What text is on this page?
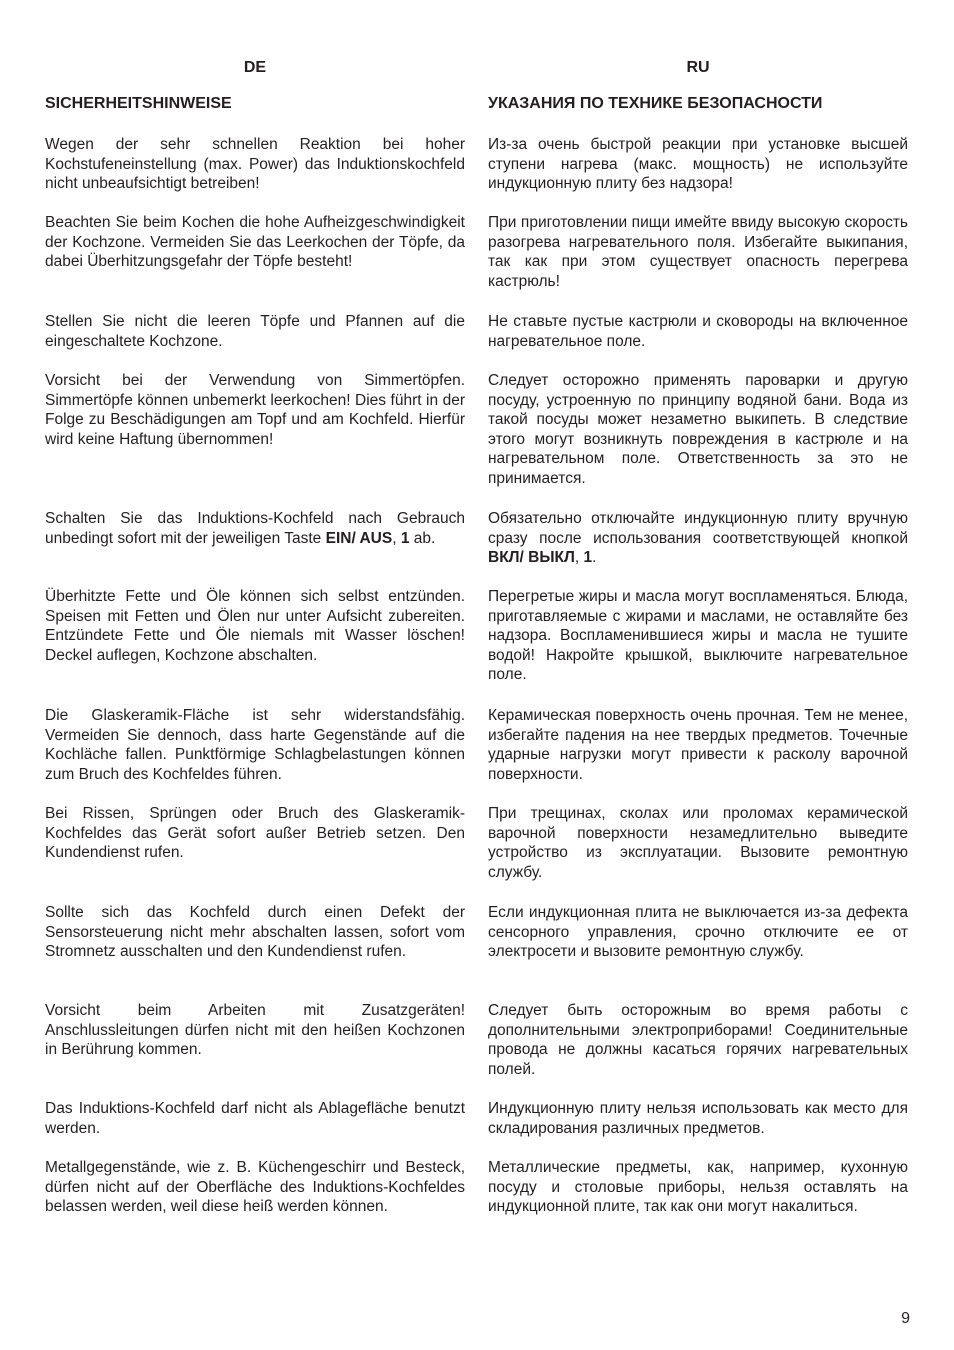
DE
SICHERHEITSHINWEISE

Wegen der sehr schnellen Reaktion bei hoher Kochstufeneinstellung (max. Power) das Induktionskochfeld nicht unbeaufsichtigt betreiben!

Beachten Sie beim Kochen die hohe Aufheizgeschwindigkeit der Kochzone. Vermeiden Sie das Leerkochen der Töpfe, da dabei Überhitzungsgefahr der Töpfe besteht!

Stellen Sie nicht die leeren Töpfe und Pfannen auf die eingeschaltete Kochzone.

Vorsicht bei der Verwendung von Simmertöpfen. Simmertöpfe können unbemerkt leerkochen! Dies führt in der Folge zu Beschädigungen am Topf und am Kochfeld. Hierfür wird keine Haftung übernommen!

Schalten Sie das Induktions-Kochfeld nach Gebrauch unbedingt sofort mit der jeweiligen Taste EIN/ AUS, 1 ab.

Überhitzte Fette und Öle können sich selbst entzünden. Speisen mit Fetten und Ölen nur unter Aufsicht zubereiten. Entzündete Fette und Öle niemals mit Wasser löschen! Deckel auflegen, Kochzone abschalten.

Die Glaskeramik-Fläche ist sehr widerstandsfähig. Vermeiden Sie dennoch, dass harte Gegenstände auf die Kochläche fallen. Punktförmige Schlagbelastungen können zum Bruch des Kochfeldes führen.

Bei Rissen, Sprüngen oder Bruch des Glaskeramik-Kochfeldes das Gerät sofort außer Betrieb setzen. Den Kundendienst rufen.

Sollte sich das Kochfeld durch einen Defekt der Sensorsteuerung nicht mehr abschalten lassen, sofort vom Stromnetz ausschalten und den Kundendienst rufen.

Vorsicht beim Arbeiten mit Zusatzgeräten! Anschlussleitungen dürfen nicht mit den heißen Kochzonen in Berührung kommen.

Das Induktions-Kochfeld darf nicht als Ablagefläche benutzt werden.

Metallgegenstände, wie z. B. Küchengeschirr und Besteck, dürfen nicht auf der Oberfläche des Induktions-Kochfeldes belassen werden, weil diese heiß werden können.

RU
УКАЗАНИЯ ПО ТЕХНИКЕ БЕЗОПАСНОСТИ

Из-за очень быстрой реакции при установке высшей ступени нагрева (макс. мощность) не используйте индукционную плиту без надзора!

При приготовлении пищи имейте ввиду высокую скорость разогрева нагревательного поля. Избегайте выкипания, так как при этом существует опасность перегрева кастрюль!

Не ставьте пустые кастрюли и сковороды на включенное нагревательное поле.

Следует осторожно применять пароварки и другую посуду, устроенную по принципу водяной бани. Вода из такой посуды может незаметно выкипеть. В следствие этого могут возникнуть повреждения в кастрюле и на нагревательном поле. Ответственность за это не принимается.

Обязательно отключайте индукционную плиту вручную сразу после использования соответствующей кнопкой ВКЛ/ ВЫКЛ, 1.

Перегретые жиры и масла могут воспламеняться. Блюда, приготавляемые с жирами и маслами, не оставляйте без надзора. Воспламенившиеся жиры и масла не тушите водой! Накройте крышкой, выключите нагревательное поле.

Керамическая поверхность очень прочная. Тем не менее, избегайте падения на нее твердых предметов. Точечные ударные нагрузки могут привести к расколу варочной поверхности.

При трещинах, сколах или проломах керамической варочной поверхности незамедлительно выведите устройство из эксплуатации. Вызовите ремонтную службу.

Если индукционная плита не выключается из-за дефекта сенсорного управления, срочно отключите ее от электросети и вызовите ремонтную службу.

Следует быть осторожным во время работы с дополнительными электроприборами! Соединительные провода не должны касаться горячих нагревательных полей.

Индукционную плиту нельзя использовать как место для складирования различных предметов.

Металлические предметы, как, например, кухонную посуду и столовые приборы, нельзя оставлять на индукционной плите, так как они могут накалиться.

9
